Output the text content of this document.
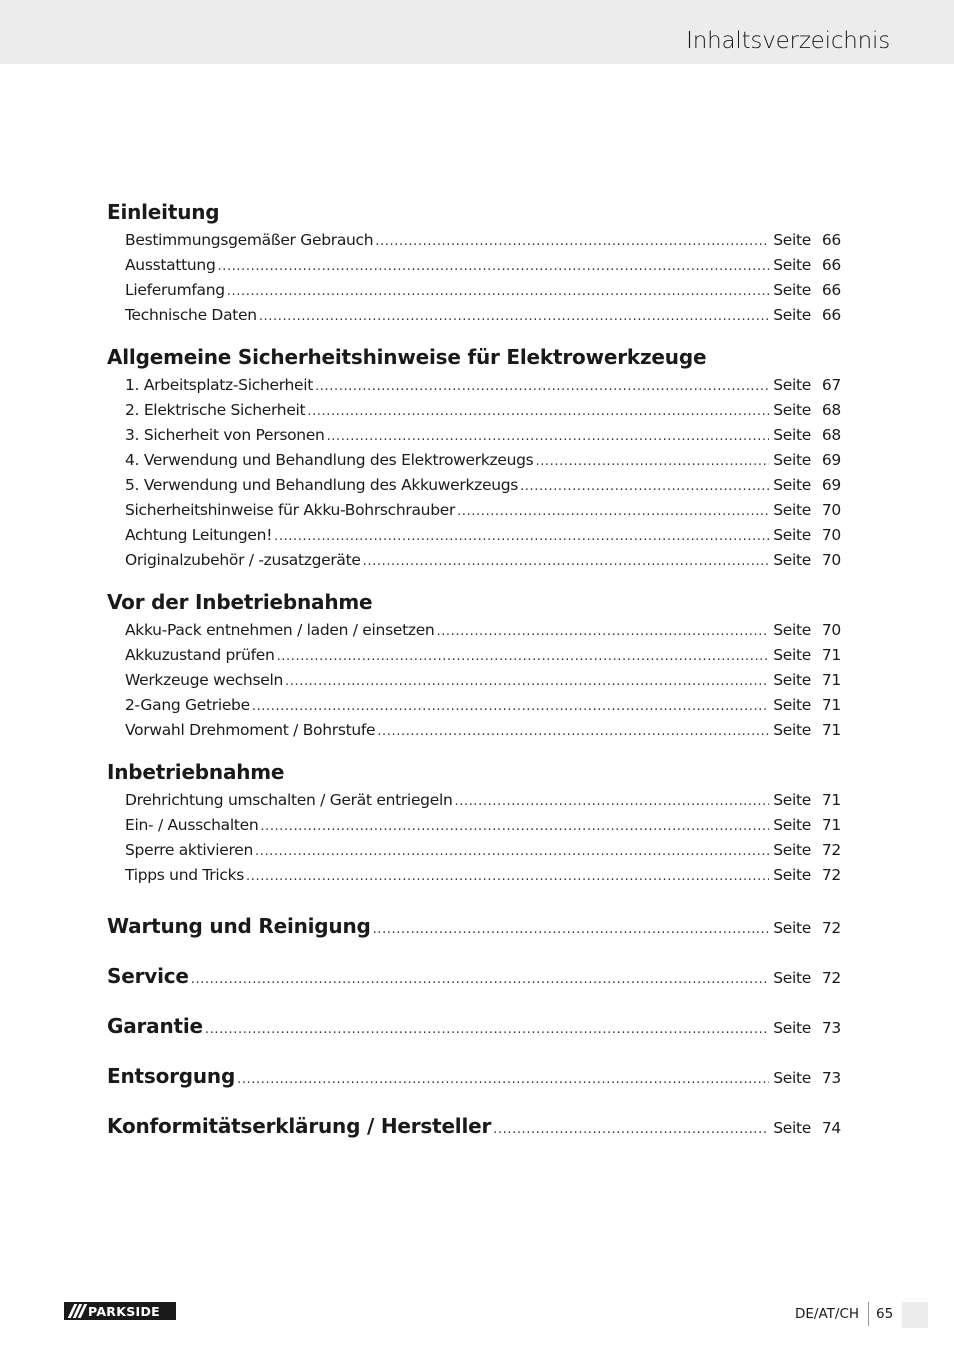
Inhaltsverzeichnis
Einleitung
Bestimmungsgemäßer Gebrauch .....	Seite 66
Ausstattung .....	Seite 66
Lieferumfang .....	Seite 66
Technische Daten .....	Seite 66
Allgemeine Sicherheitshinweise für Elektrowerkzeuge
1. Arbeitsplatz-Sicherheit .....	Seite 67
2. Elektrische Sicherheit .....	Seite 68
3. Sicherheit von Personen .....	Seite 68
4. Verwendung und Behandlung des Elektrowerkzeugs .....	Seite 69
5. Verwendung und Behandlung des Akkuwerkzeugs .....	Seite 69
Sicherheitshinweise für Akku-Bohrschrauber .....	Seite 70
Achtung Leitungen! .....	Seite 70
Originalzubehör / -zusatzgeräte .....	Seite 70
Vor der Inbetriebnahme
Akku-Pack entnehmen / laden / einsetzen .....	Seite 70
Akkuzustand prüfen .....	Seite 71
Werkzeuge wechseln .....	Seite 71
2-Gang Getriebe .....	Seite 71
Vorwahl Drehmoment / Bohrstufe .....	Seite 71
Inbetriebnahme
Drehrichtung umschalten / Gerät entriegeln .....	Seite 71
Ein- / Ausschalten .....	Seite 71
Sperre aktivieren .....	Seite 72
Tipps und Tricks .....	Seite 72
Wartung und Reinigung .....	Seite 72
Service .....	Seite 72
Garantie .....	Seite 73
Entsorgung .....	Seite 73
Konformitätserklärung / Hersteller .....	Seite 74
PARKSIDE	DE/AT/CH 65
